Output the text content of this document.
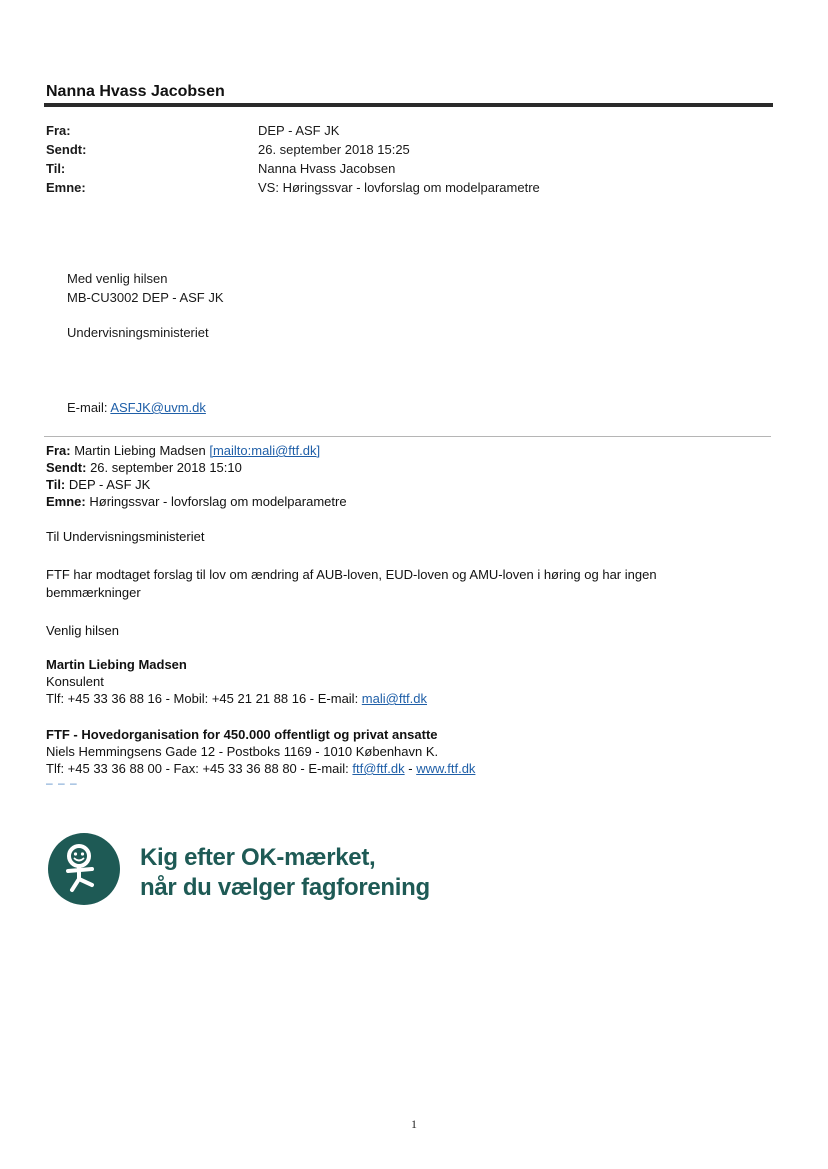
Nanna Hvass Jacobsen
Fra:	DEP - ASF JK
Sendt:	26. september 2018 15:25
Til:	Nanna Hvass Jacobsen
Emne:	VS: Høringssvar - lovforslag om modelparametre
Med venlig hilsen
MB-CU3002 DEP - ASF JK
Undervisningsministeriet
E-mail: ASFJK@uvm.dk
Fra: Martin Liebing Madsen [mailto:mali@ftf.dk]
Sendt: 26. september 2018 15:10
Til: DEP - ASF JK
Emne: Høringssvar - lovforslag om modelparametre
Til Undervisningsministeriet
FTF har modtaget forslag til lov om ændring af AUB-loven, EUD-loven og AMU-loven i høring og har ingen
bemmærkninger
Venlig hilsen
Martin Liebing Madsen
Konsulent
Tlf: +45 33 36 88 16 - Mobil: +45 21 21 88 16 - E-mail: mali@ftf.dk
FTF - Hovedorganisation for 450.000 offentligt og privat ansatte
Niels Hemmingsens Gade 12 - Postboks 1169 - 1010 København K.
Tlf: +45 33 36 88 00 - Fax: +45 33 36 88 80 - E-mail: ftf@ftf.dk - www.ftf.dk
– – –
Kig efter OK-mærket,
når du vælger fagforening
1
